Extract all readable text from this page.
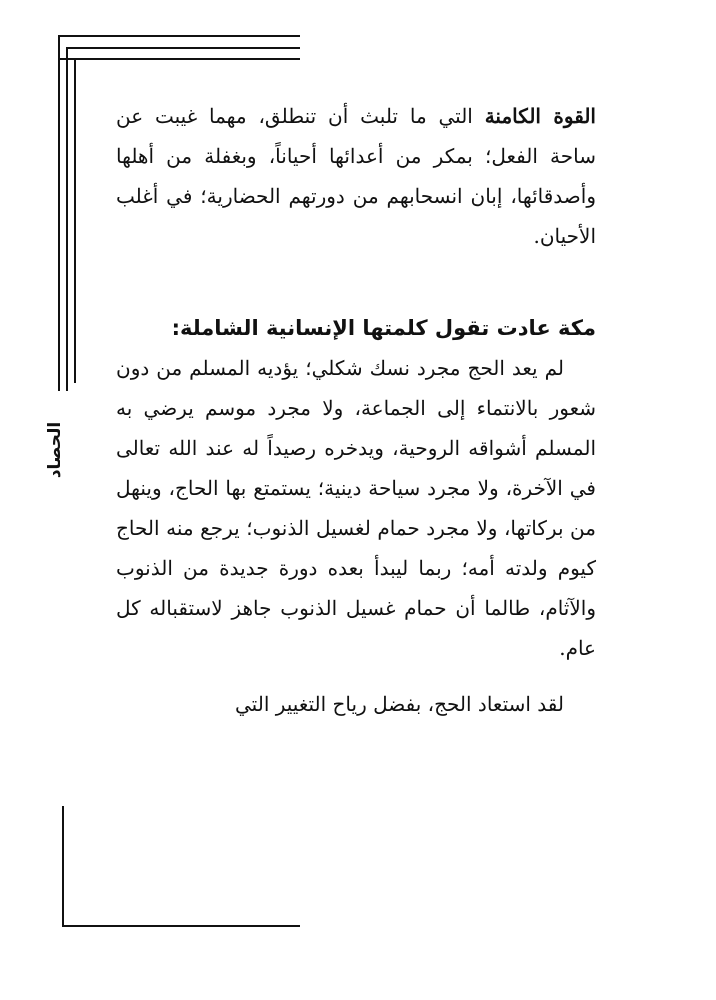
الحصاد

القوة الكامنة التي ما تلبث أن تنطلق، مهما غيبت عن ساحة الفعل؛ بمكر من أعدائها أحياناً، وبغفلة من أهلها وأصدقائها، إبان انسحابهم من دورتهم الحضارية؛ في أغلب الأحيان.

مكة عادت تقول كلمتها الإنسانية الشاملة:

لم يعد الحج مجرد نسك شكلي؛ يؤديه المسلم من دون شعور بالانتماء إلى الجماعة، ولا مجرد موسم يرضي به المسلم أشواقه الروحية، ويدخره رصيداً له عند الله تعالى في الآخرة، ولا مجرد سياحة دينية؛ يستمتع بها الحاج، وينهل من بركاتها، ولا مجرد حمام لغسيل الذنوب؛ يرجع منه الحاج كيوم ولدته أمه؛ ربما ليبدأ بعده دورة جديدة من الذنوب والآثام، طالما أن حمام غسيل الذنوب جاهز لاستقباله كل عام.

لقد استعاد الحج، بفضل رياح التغيير التي
